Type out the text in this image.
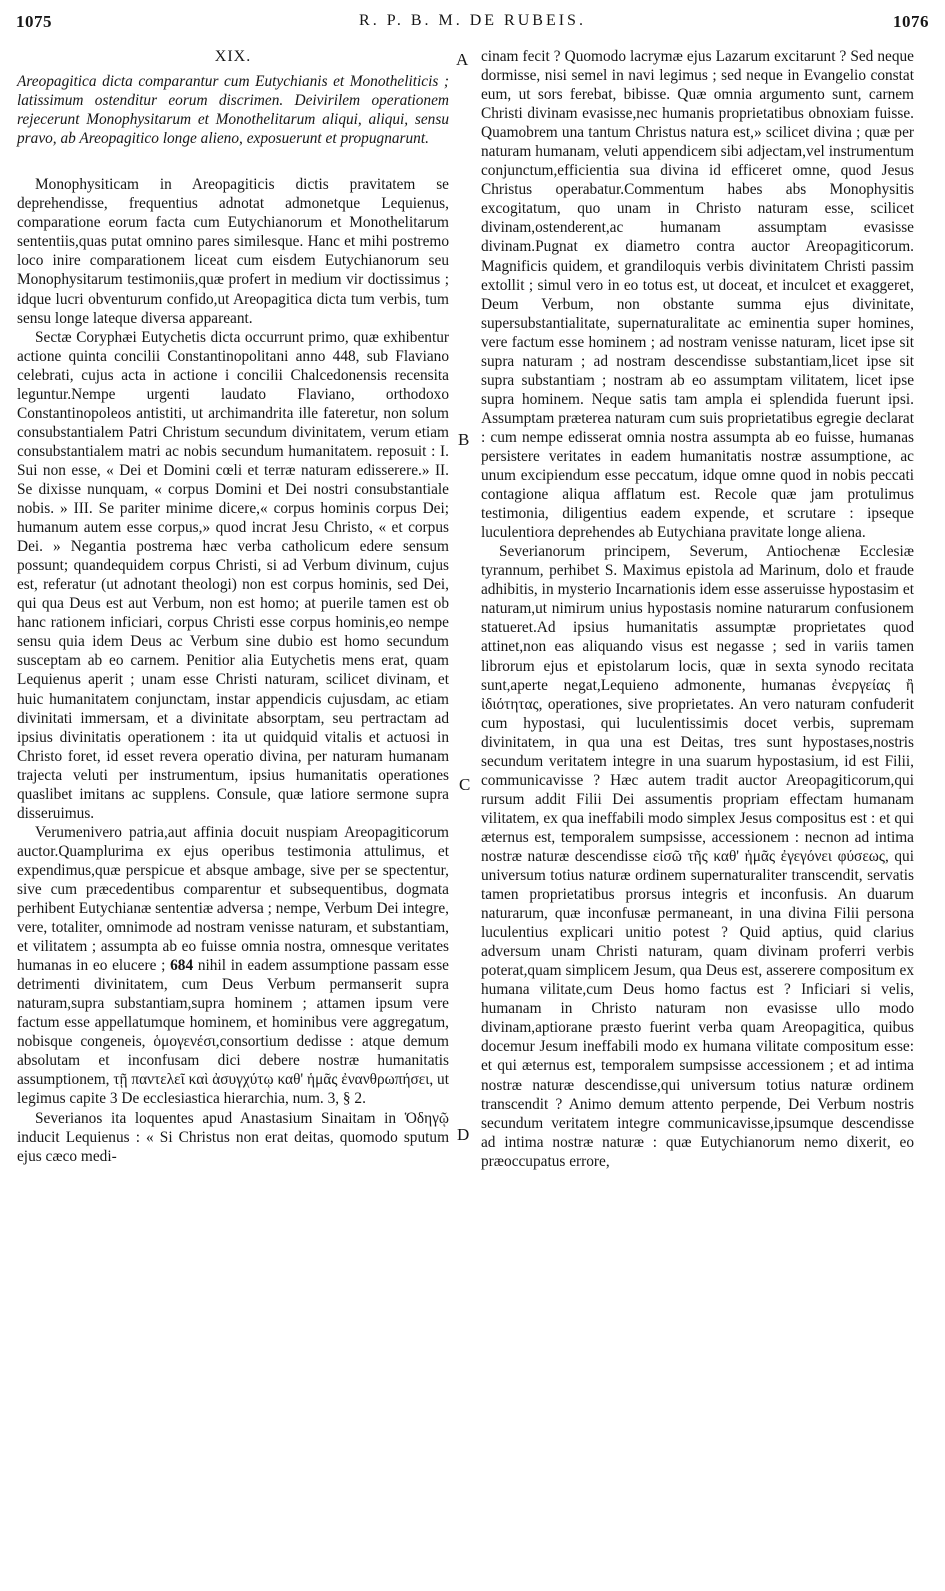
1075	R. P. B. M. DE RUBEIS.	1076
A
B
C
D
XIX.

Areopagitica dicta comparantur cum Eutychianis et Monotheliticis ; latissimum ostenditur eorum discrimen. Deivirilem operationem rejecerunt Monophysitarum et Monothelitarum aliqui, aliqui, sensu pravo, ab Areopagitico longe alieno, exposuerunt et propugnarunt.

Monophysiticam in Areopagiticis dictis pravitatem se deprehendisse, frequentius adnotat admonetque Lequienus, comparatione eorum facta cum Eutychianorum et Monothelitarum sententiis,quas putat omnino pares similesque. Hanc et mihi postremo loco inire comparationem liceat cum eisdem Eutychianorum seu Monophysitarum testimoniis,quæ profert in medium vir doctissimus ; idque lucri obventurum confido,ut Areopagitica dicta tum verbis, tum sensu longe lateque diversa appareant.

Sectæ Coryphæi Eutychetis dicta occurrunt primo, quæ exhibentur actione quinta concilii Constantinopolitani anno 448, sub Flaviano celebrati, cujus acta in actione i concilii Chalcedonensis recensita leguntur.Nempe urgenti laudato Flaviano, orthodoxo Constantinopoleos antistiti, ut archimandrita ille fateretur, non solum consubstantialem Patri Christum secundum divinitatem, verum etiam consubstantialem matri ac nobis secundum humanitatem. reposuit : I. Sui non esse, « Dei et Domini cœli et terræ naturam edisserere.» II. Se dixisse nunquam, « corpus Domini et Dei nostri consubstantiale nobis. » III. Se pariter minime dicere,« corpus hominis corpus Dei; humanum autem esse corpus,» quod incrat Jesu Christo, « et corpus Dei. » Negantia postrema hæc verba catholicum edere sensum possunt; quandequidem corpus Christi, si ad Verbum divinum, cujus est, referatur (ut adnotant theologi) non est corpus hominis, sed Dei, qui qua Deus est aut Verbum, non est homo; at puerile tamen est ob hanc rationem inficiari, corpus Christi esse corpus hominis,eo nempe sensu quia idem Deus ac Verbum sine dubio est homo secundum susceptam ab eo carnem. Penitior alia Eutychetis mens erat, quam Lequienus aperit ; unam esse Christi naturam, scilicet divinam, et huic humanitatem conjunctam, instar appendicis cujusdam, ac etiam divinitati immersam, et a divinitate absorptam, seu pertractam ad ipsius divinitatis operationem : ita ut quidquid vitalis et actuosi in Christo foret, id esset revera operatio divina, per naturam humanam trajecta veluti per instrumentum, ipsius humanitatis operationes quaslibet imitans ac supplens. Consule, quæ latiore sermone supra disseruimus.

Verumenivero patria,aut affinia docuit nuspiam Areopagiticorum auctor.Quamplurima ex ejus operibus testimonia attulimus, et expendimus,quæ perspicue et absque ambage, sive per se spectentur, sive cum præcedentibus comparentur et subsequentibus, dogmata perhibent Eutychianæ sententiæ adversa ; nempe, Verbum Dei integre, vere, totaliter, omnimode ad nostram venisse naturam, et substantiam, et vilitatem ; assumpta ab eo fuisse omnia nostra, omnesque veritates humanas in eo elucere ; 684 nihil in eadem assumptione passam esse detrimenti divinitatem, cum Deus Verbum permanserit supra naturam,supra substantiam,supra hominem ; attamen ipsum vere factum esse appellatumque hominem, et hominibus vere aggregatum, nobisque congeneis, ὁμογενέσι,consortium dedisse : atque demum absolutam et inconfusam dici debere nostræ humanitatis assumptionem, τῇ παντελεῖ καὶ ἀσυγχύτῳ καθ' ἡμᾶς ἐνανθρωπήσει, ut legimus capite 3 De ecclesiastica hierarchia, num. 3, § 2.

Severianos ita loquentes apud Anastasium Sinaitam in Ὁδηγῷ inducit Lequienus : « Si Christus non erat deitas, quomodo sputum ejus cæco medi-

cinam fecit ? Quomodo lacrymæ ejus Lazarum excitarunt ? Sed neque dormisse, nisi semel in navi legimus ; sed neque in Evangelio constat eum, ut sors ferebat, bibisse. Quæ omnia argumento sunt, carnem Christi divinam evasisse,nec humanis proprietatibus obnoxiam fuisse. Quamobrem una tantum Christus natura est,» scilicet divina ; quæ per naturam humanam, veluti appendicem sibi adjectam,vel instrumentum conjunctum,efficientia sua divina id efficeret omne, quod Jesus Christus operabatur.Commentum habes abs Monophysitis excogitatum, quo unam in Christo naturam esse, scilicet divinam,ostenderent,ac humanam assumptam evasisse divinam.Pugnat ex diametro contra auctor Areopagiticorum. Magnificis quidem, et grandiloquis verbis divinitatem Christi passim extollit ; simul vero in eo totus est, ut doceat, et inculcet et exaggeret, Deum Verbum, non obstante summa ejus divinitate, supersubstantialitate, supernaturalitate ac eminentia super homines, vere factum esse hominem ; ad nostram venisse naturam, licet ipse sit supra naturam ; ad nostram descendisse substantiam,licet ipse sit supra substantiam ; nostram ab eo assumptam vilitatem, licet ipse supra hominem. Neque satis tam ampla ei splendida fuerunt ipsi. Assumptam præterea naturam cum suis proprietatibus egregie declarat : cum nempe edisserat omnia nostra assumpta ab eo fuisse, humanas persistere veritates in eadem humanitatis nostræ assumptione, ac unum excipiendum esse peccatum, idque omne quod in nobis peccati contagione aliqua afflatum est. Recole quæ jam protulimus testimonia, diligentius eadem expende, et scrutare : ipseque luculentiora deprehendes ab Eutychiana pravitate longe aliena.

Severianorum principem, Severum, Antiochenæ Ecclesiæ tyrannum, perhibet S. Maximus epistola ad Marinum, dolo et fraude adhibitis, in mysterio Incarnationis idem esse asseruisse hypostasim et naturam,ut nimirum unius hypostasis nomine naturarum confusionem statueret.Ad ipsius humanitatis assumptæ proprietates quod attinet,non eas aliquando visus est negasse ; sed in variis tamen librorum ejus et epistolarum locis, quæ in sexta synodo recitata sunt,aperte negat,Lequieno admonente, humanas ἐνεργείας ἢ ἰδιότητας, operationes, sive proprietates. An vero naturam confuderit cum hypostasi, qui luculentissimis docet verbis, supremam divinitatem, in qua una est Deitas, tres sunt hypostases,nostris secundum veritatem integre in una suarum hypostasium, id est Filii, communicavisse ? Hæc autem tradit auctor Areopagiticorum,qui rursum addit Filii Dei assumentis propriam effectam humanam vilitatem, ex qua ineffabili modo simplex Jesus compositus est : et qui æternus est, temporalem sumpsisse, accessionem : necnon ad intima nostræ naturæ descendisse εἰσῶ τῆς καθ' ἡμᾶς ἐγεγόνει φύσεως, qui universum totius naturæ ordinem supernaturaliter transcendit, servatis tamen proprietatibus prorsus integris et inconfusis. An duarum naturarum, quæ inconfusæ permaneant, in una divina Filii persona luculentius explicari unitio potest ? Quid aptius, quid clarius adversum unam Christi naturam, quam divinam proferri verbis poterat,quam simplicem Jesum, qua Deus est, asserere compositum ex humana vilitate,cum Deus homo factus est ? Inficiari si velis, humanam in Christo naturam non evasisse ullo modo divinam,aptiorane præsto fuerint verba quam Areopagitica, quibus docemur Jesum ineffabili modo ex humana vilitate compositum esse: et qui æternus est, temporalem sumpsisse accessionem ; et ad intima nostræ naturæ descendisse,qui universum totius naturæ ordinem transcendit ? Animo demum attento perpende, Dei Verbum nostris secundum veritatem integre communicavisse,ipsumque descendisse ad intima nostræ naturæ : quæ Eutychianorum nemo dixerit, eo præoccupatus errore,
